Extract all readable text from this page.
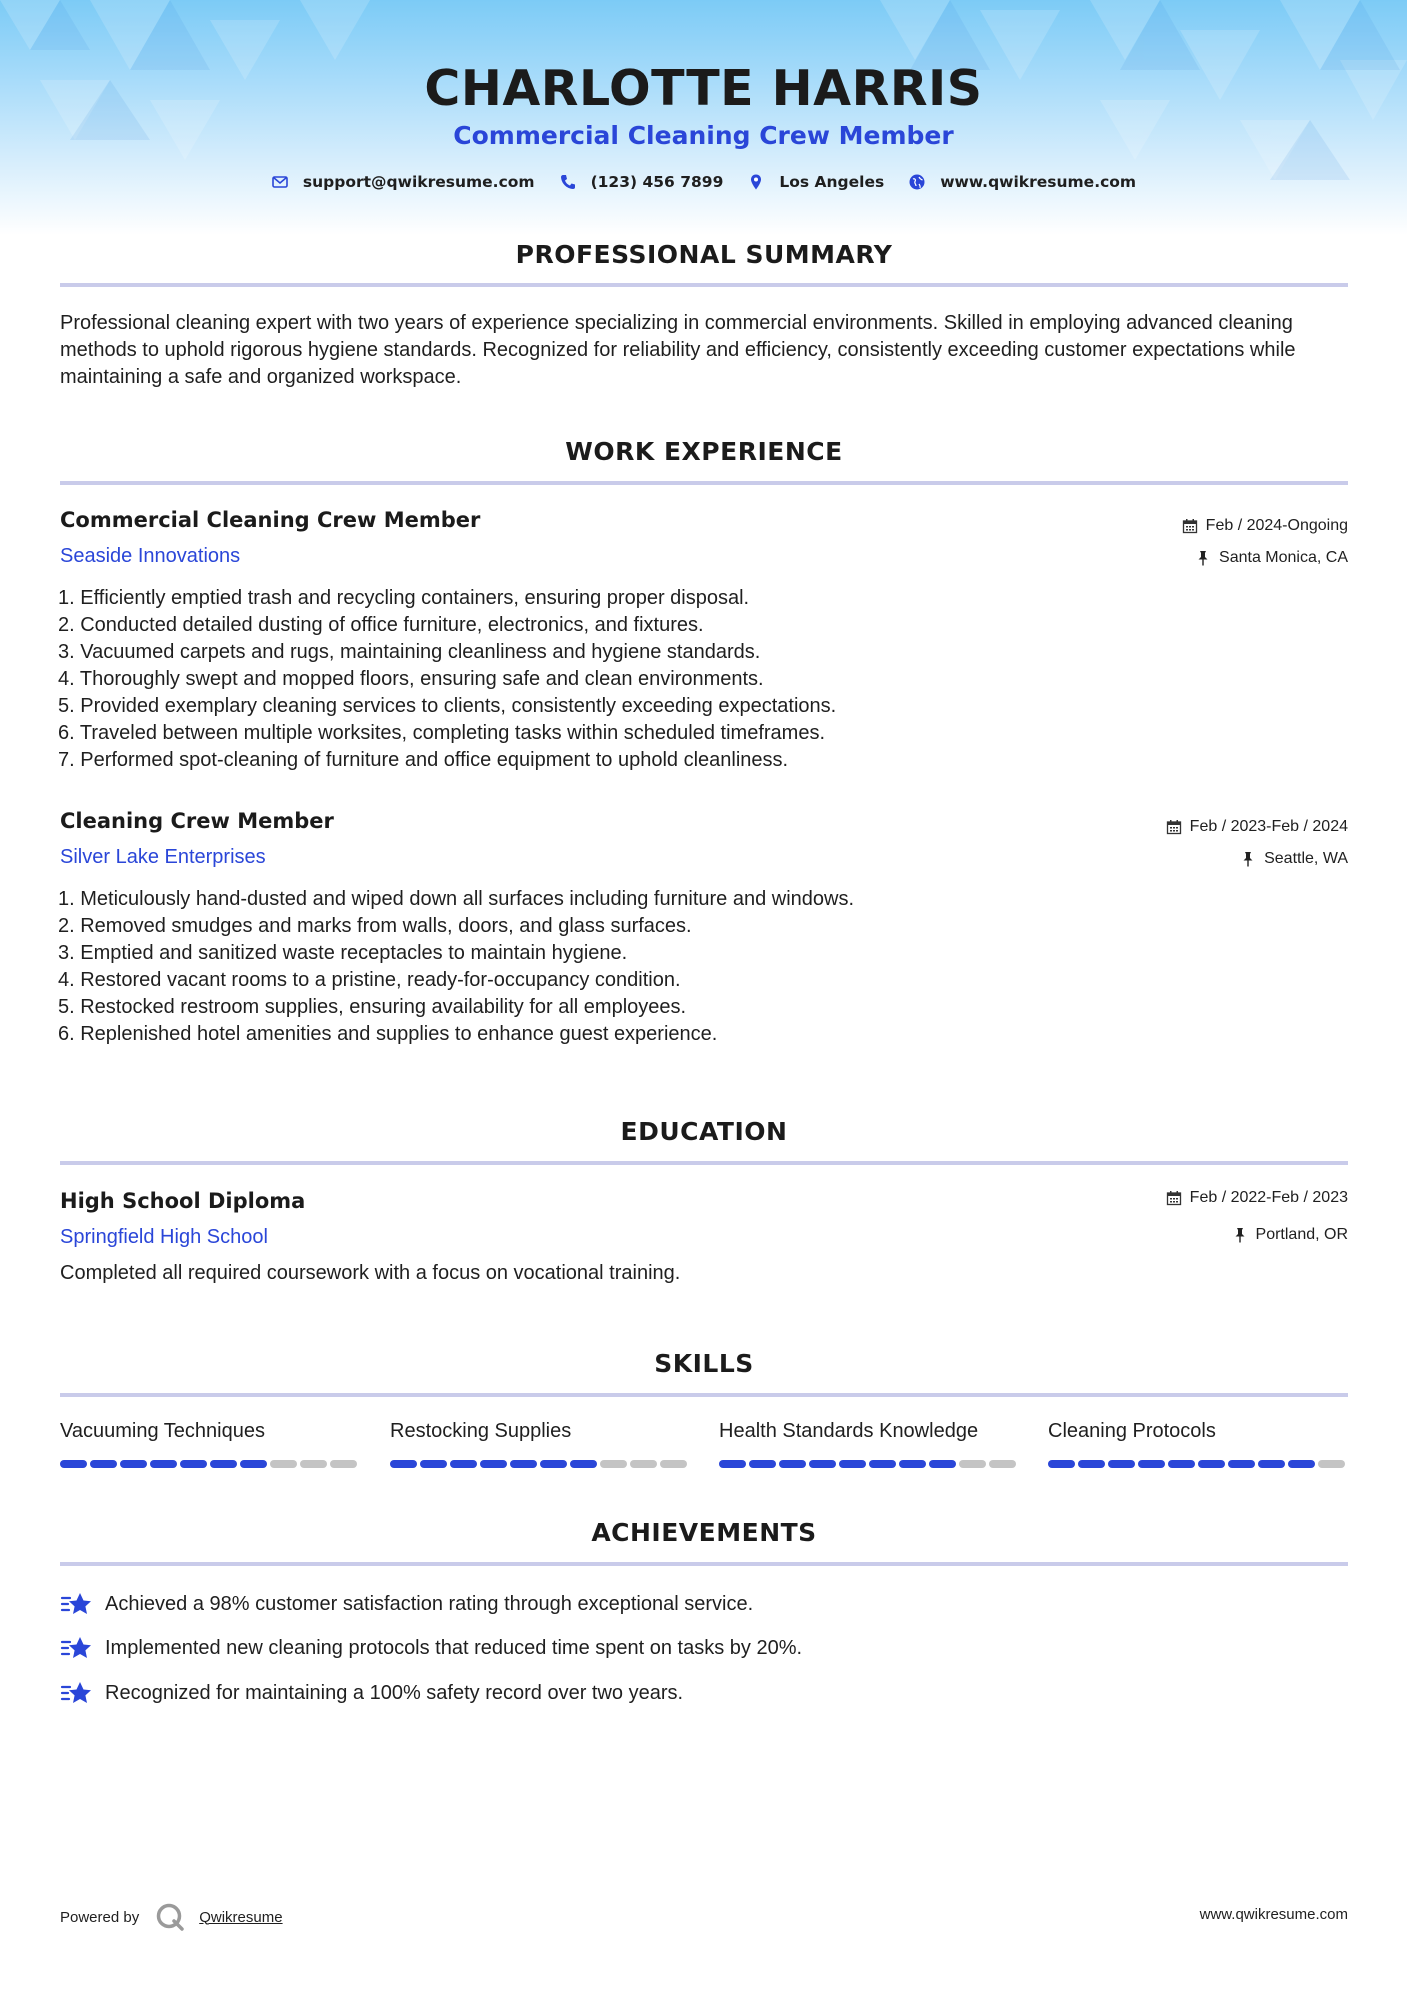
CHARLOTTE HARRIS
Commercial Cleaning Crew Member
support@qwikresume.com	(123) 456 7899	Los Angeles	www.qwikresume.com
PROFESSIONAL SUMMARY
Professional cleaning expert with two years of experience specializing in commercial environments. Skilled in employing advanced cleaning methods to uphold rigorous hygiene standards. Recognized for reliability and efficiency, consistently exceeding customer expectations while maintaining a safe and organized workspace.
WORK EXPERIENCE
Commercial Cleaning Crew Member	Feb / 2024-Ongoing
Seaside Innovations	Santa Monica, CA
1. Efficiently emptied trash and recycling containers, ensuring proper disposal.
2. Conducted detailed dusting of office furniture, electronics, and fixtures.
3. Vacuumed carpets and rugs, maintaining cleanliness and hygiene standards.
4. Thoroughly swept and mopped floors, ensuring safe and clean environments.
5. Provided exemplary cleaning services to clients, consistently exceeding expectations.
6. Traveled between multiple worksites, completing tasks within scheduled timeframes.
7. Performed spot-cleaning of furniture and office equipment to uphold cleanliness.
Cleaning Crew Member	Feb / 2023-Feb / 2024
Silver Lake Enterprises	Seattle, WA
1. Meticulously hand-dusted and wiped down all surfaces including furniture and windows.
2. Removed smudges and marks from walls, doors, and glass surfaces.
3. Emptied and sanitized waste receptacles to maintain hygiene.
4. Restored vacant rooms to a pristine, ready-for-occupancy condition.
5. Restocked restroom supplies, ensuring availability for all employees.
6. Replenished hotel amenities and supplies to enhance guest experience.
EDUCATION
High School Diploma	Feb / 2022-Feb / 2023
Springfield High School	Portland, OR
Completed all required coursework with a focus on vocational training.
SKILLS
Vacuuming Techniques	Restocking Supplies	Health Standards Knowledge	Cleaning Protocols
ACHIEVEMENTS
Achieved a 98% customer satisfaction rating through exceptional service.
Implemented new cleaning protocols that reduced time spent on tasks by 20%.
Recognized for maintaining a 100% safety record over two years.
Powered by	Qwikresume	www.qwikresume.com
